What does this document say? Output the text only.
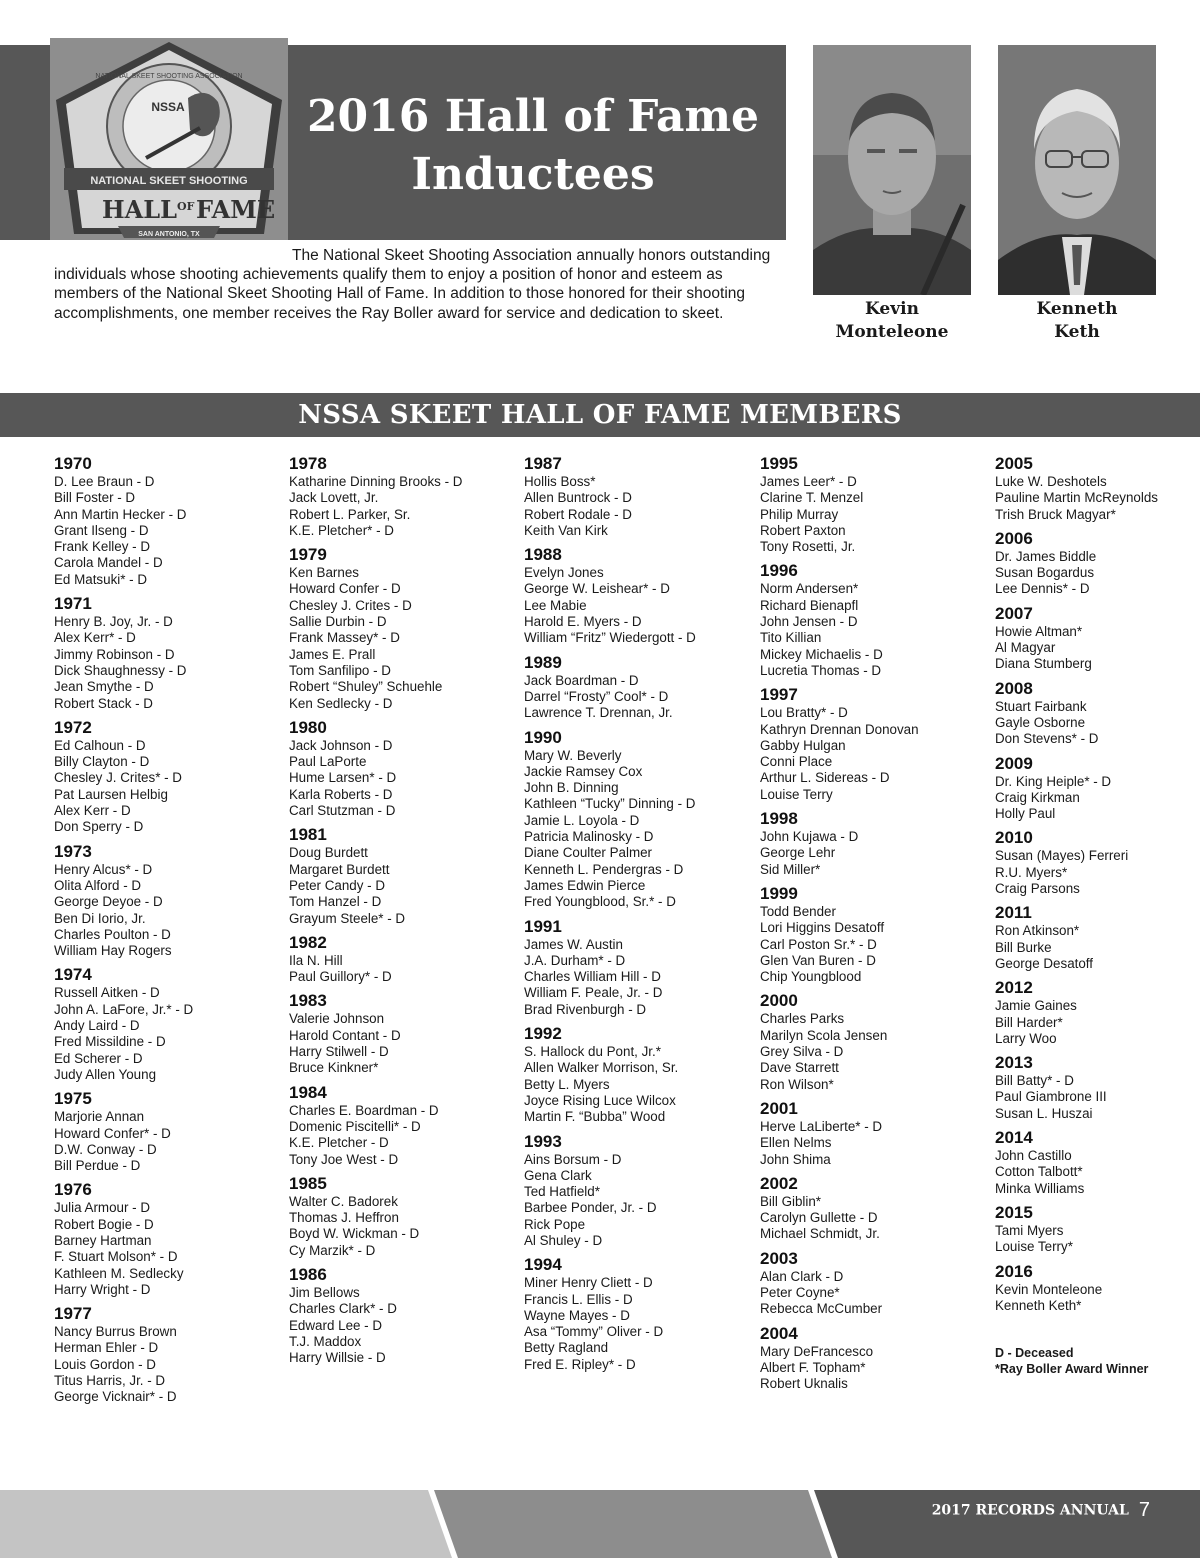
NATIONAL SKEET SHOOTING ASSOCIATION
NSSA
NATIONAL SKEET SHOOTING
HALL OF FAME
SAN ANTONIO, TX
2016 Hall of Fame
Inductees
The National Skeet Shooting Association annually honors outstanding individuals whose shooting achievements qualify them to enjoy a position of honor and esteem as members of the National Skeet Shooting Hall of Fame. In addition to those honored for their shooting accomplishments, one member receives the Ray Boller award for service and dedication to skeet.	Kevin
Monteleone
Kenneth
Keth
NSSA SKEET HALL OF FAME MEMBERS
1970
D. Lee Braun - D
Bill Foster - D
Ann Martin Hecker - D
Grant Ilseng - D
Frank Kelley - D
Carola Mandel - D
Ed Matsuki* - D
1971
Henry B. Joy, Jr. - D
Alex Kerr* - D
Jimmy Robinson - D
Dick Shaughnessy - D
Jean Smythe - D
Robert Stack - D
1972
Ed Calhoun - D
Billy Clayton - D
Chesley J. Crites* - D
Pat Laursen Helbig
Alex Kerr - D
Don Sperry - D
1973
Henry Alcus* - D
Olita Alford - D
George Deyoe - D
Ben Di Iorio, Jr.
Charles Poulton - D
William Hay Rogers
1974
Russell Aitken - D
John A. LaFore, Jr.* - D
Andy Laird - D
Fred Missildine - D
Ed Scherer - D
Judy Allen Young
1975
Marjorie Annan
Howard Confer* - D
D.W. Conway - D
Bill Perdue - D
1976
Julia Armour - D
Robert Bogie - D
Barney Hartman
F. Stuart Molson* - D
Kathleen M. Sedlecky
Harry Wright - D
1977
Nancy Burrus Brown
Herman Ehler - D
Louis Gordon - D
Titus Harris, Jr. - D
George Vicknair* - D
1978
Katharine Dinning Brooks - D
Jack Lovett, Jr.
Robert L. Parker, Sr.
K.E. Pletcher* - D
1979
Ken Barnes
Howard Confer - D
Chesley J. Crites - D
Sallie Durbin - D
Frank Massey* - D
James E. Prall
Tom Sanfilipo - D
Robert “Shuley” Schuehle
Ken Sedlecky - D
1980
Jack Johnson - D
Paul LaPorte
Hume Larsen* - D
Karla Roberts - D
Carl Stutzman - D
1981
Doug Burdett
Margaret Burdett
Peter Candy - D
Tom Hanzel - D
Grayum Steele* - D
1982
Ila N. Hill
Paul Guillory* - D
1983
Valerie Johnson
Harold Contant - D
Harry Stilwell - D
Bruce Kinkner*
1984
Charles E. Boardman - D
Domenic Piscitelli* - D
K.E. Pletcher - D
Tony Joe West - D
1985
Walter C. Badorek
Thomas J. Heffron
Boyd W. Wickman - D
Cy Marzik* - D
1986
Jim Bellows
Charles Clark* - D
Edward Lee - D
T.J. Maddox
Harry Willsie - D
1987
Hollis Boss*
Allen Buntrock - D
Robert Rodale - D
Keith Van Kirk
1988
Evelyn Jones
George W. Leishear* - D
Lee Mabie
Harold E. Myers - D
William “Fritz” Wiedergott - D
1989
Jack Boardman - D
Darrel “Frosty” Cool* - D
Lawrence T. Drennan, Jr.
1990
Mary W. Beverly
Jackie Ramsey Cox
John B. Dinning
Kathleen “Tucky” Dinning - D
Jamie L. Loyola - D
Patricia Malinosky - D
Diane Coulter Palmer
Kenneth L. Pendergras - D
James Edwin Pierce
Fred Youngblood, Sr.* - D
1991
James W. Austin
J.A. Durham* - D
Charles William Hill - D
William F. Peale, Jr. - D
Brad Rivenburgh - D
1992
S. Hallock du Pont, Jr.*
Allen Walker Morrison, Sr.
Betty L. Myers
Joyce Rising Luce Wilcox
Martin F. “Bubba” Wood
1993
Ains Borsum - D
Gena Clark
Ted Hatfield*
Barbee Ponder, Jr. - D
Rick Pope
Al Shuley - D
1994
Miner Henry Cliett - D
Francis L. Ellis - D
Wayne Mayes - D
Asa “Tommy” Oliver - D
Betty Ragland
Fred E. Ripley* - D
1995
James Leer* - D
Clarine T. Menzel
Philip Murray
Robert Paxton
Tony Rosetti, Jr.
1996
Norm Andersen*
Richard Bienapfl
John Jensen - D
Tito Killian
Mickey Michaelis - D
Lucretia Thomas - D
1997
Lou Bratty* - D
Kathryn Drennan Donovan
Gabby Hulgan
Conni Place
Arthur L. Sidereas - D
Louise Terry
1998
John Kujawa - D
George Lehr
Sid Miller*
1999
Todd Bender
Lori Higgins Desatoff
Carl Poston Sr.* - D
Glen Van Buren - D
Chip Youngblood
2000
Charles Parks
Marilyn Scola Jensen
Grey Silva - D
Dave Starrett
Ron Wilson*
2001
Herve LaLiberte* - D
Ellen Nelms
John Shima
2002
Bill Giblin*
Carolyn Gullette - D
Michael Schmidt, Jr.
2003
Alan Clark - D
Peter Coyne*
Rebecca McCumber
2004
Mary DeFrancesco
Albert F. Topham*
Robert Uknalis
2005
Luke W. Deshotels
Pauline Martin McReynolds
Trish Bruck Magyar*
2006
Dr. James Biddle
Susan Bogardus
Lee Dennis* - D
2007
Howie Altman*
Al Magyar
Diana Stumberg
2008
Stuart Fairbank
Gayle Osborne
Don Stevens* - D
2009
Dr. King Heiple* - D
Craig Kirkman
Holly Paul
2010
Susan (Mayes) Ferreri
R.U. Myers*
Craig Parsons
2011
Ron Atkinson*
Bill Burke
George Desatoff
2012
Jamie Gaines
Bill Harder*
Larry Woo
2013
Bill Batty* - D
Paul Giambrone III
Susan L. Huszai
2014
John Castillo
Cotton Talbott*
Minka Williams
2015
Tami Myers
Louise Terry*
2016
Kevin Monteleone
Kenneth Keth*
D - Deceased
*Ray Boller Award Winner
2017 RECORDS ANNUAL 7
